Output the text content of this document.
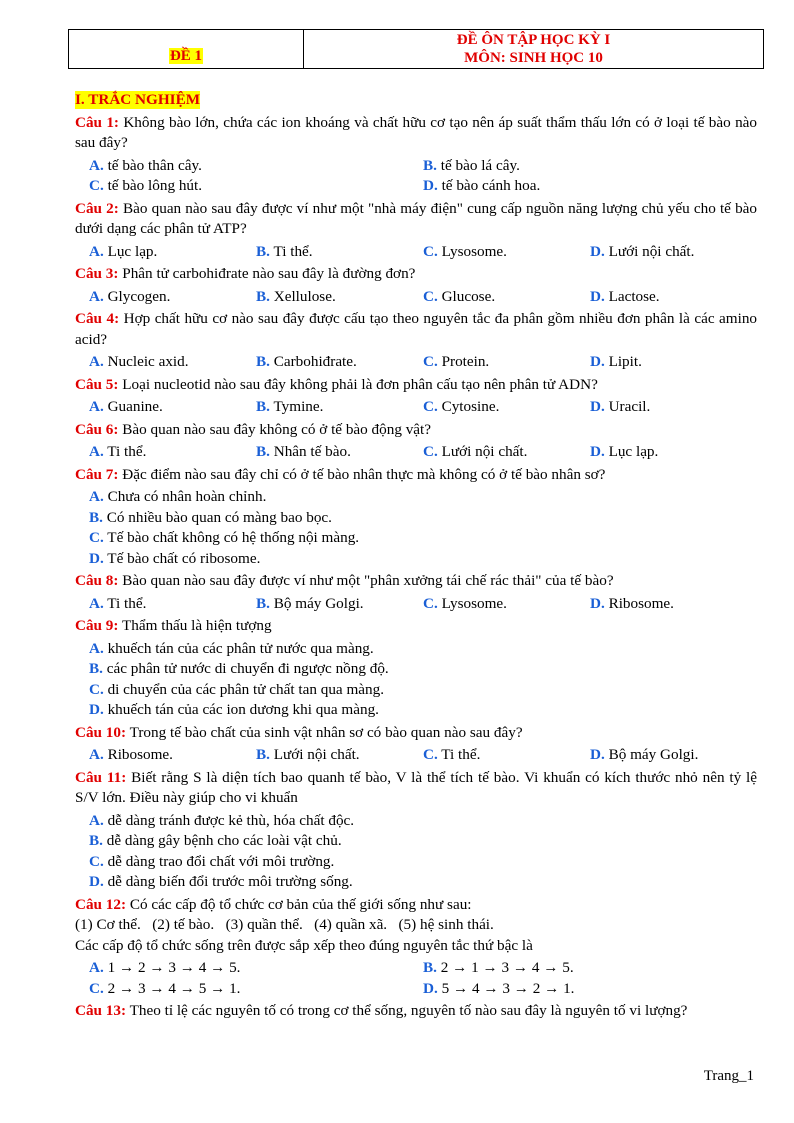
ĐỀ 1
ĐỀ ÔN TẬP HỌC KỲ I
MÔN: SINH HỌC 10
I. TRẮC NGHIỆM
Câu 1: Không bào lớn, chứa các ion khoáng và chất hữu cơ tạo nên áp suất thẩm thấu lớn có ở loại tế bào nào sau đây?
A. tế bào thân cây.	B. tế bào lá cây.
C. tế bào lông hút.	D. tế bào cánh hoa.
Câu 2: Bào quan nào sau đây được ví như một "nhà máy điện" cung cấp nguồn năng lượng chủ yếu cho tế bào dưới dạng các phân tử ATP?
A. Lục lạp.	B. Ti thể.	C. Lysosome.	D. Lưới nội chất.
Câu 3: Phân tử carbohiđrate nào sau đây là đường đơn?
A. Glycogen.	B. Xellulose.	C. Glucose.	D. Lactose.
Câu 4: Hợp chất hữu cơ nào sau đây được cấu tạo theo nguyên tắc đa phân gồm nhiều đơn phân là các amino acid?
A. Nucleic axid.	B. Carbohiđrate.	C. Protein.	D. Lipit.
Câu 5: Loại nucleotid nào sau đây không phải là đơn phân cấu tạo nên phân tử ADN?
A. Guanine.	B. Tymine.	C. Cytosine.	D. Uracil.
Câu 6: Bào quan nào sau đây không có ở tế bào động vật?
A. Ti thể.	B. Nhân tế bào.	C. Lưới nội chất.	D. Lục lạp.
Câu 7: Đặc điểm nào sau đây chỉ có ở tế bào nhân thực mà không có ở tế bào nhân sơ?
A. Chưa có nhân hoàn chỉnh.
B. Có nhiều bào quan có màng bao bọc.
C. Tế bào chất không có hệ thống nội màng.
D. Tế bào chất có ribosome.
Câu 8: Bào quan nào sau đây được ví như một "phân xưởng tái chế rác thải" của tế bào?
A. Ti thể.	B. Bộ máy Golgi.	C. Lysosome.	D. Ribosome.
Câu 9: Thẩm thấu là hiện tượng
A. khuếch tán của các phân tử nước qua màng.
B. các phân tử nước di chuyển đi ngược nồng độ.
C. di chuyển của các phân tử chất tan qua màng.
D. khuếch tán của các ion dương khi qua màng.
Câu 10: Trong tế bào chất của sinh vật nhân sơ có bào quan nào sau đây?
A. Ribosome.	B. Lưới nội chất.	C. Ti thể.	D. Bộ máy Golgi.
Câu 11: Biết rằng S là diện tích bao quanh tế bào, V là thể tích tế bào. Vi khuẩn có kích thước nhỏ nên tỷ lệ S/V lớn. Điều này giúp cho vi khuẩn
A. dễ dàng tránh được kẻ thù, hóa chất độc.
B. dễ dàng gây bệnh cho các loài vật chủ.
C. dễ dàng trao đổi chất với môi trường.
D. dễ dàng biến đổi trước môi trường sống.
Câu 12: Có các cấp độ tổ chức cơ bản của thế giới sống như sau:
(1) Cơ thể.   (2) tế bào.   (3) quần thể.   (4) quần xã.   (5) hệ sinh thái.
Các cấp độ tổ chức sống trên được sắp xếp theo đúng nguyên tắc thứ bậc là
A. 1 → 2 → 3 → 4 → 5.	B. 2 → 1 → 3 → 4 → 5.
C. 2 → 3 → 4 → 5 → 1.	D. 5 → 4 → 3 → 2 → 1.
Câu 13: Theo tỉ lệ các nguyên tố có trong cơ thể sống, nguyên tố nào sau đây là nguyên tố vi lượng?
Trang_1
